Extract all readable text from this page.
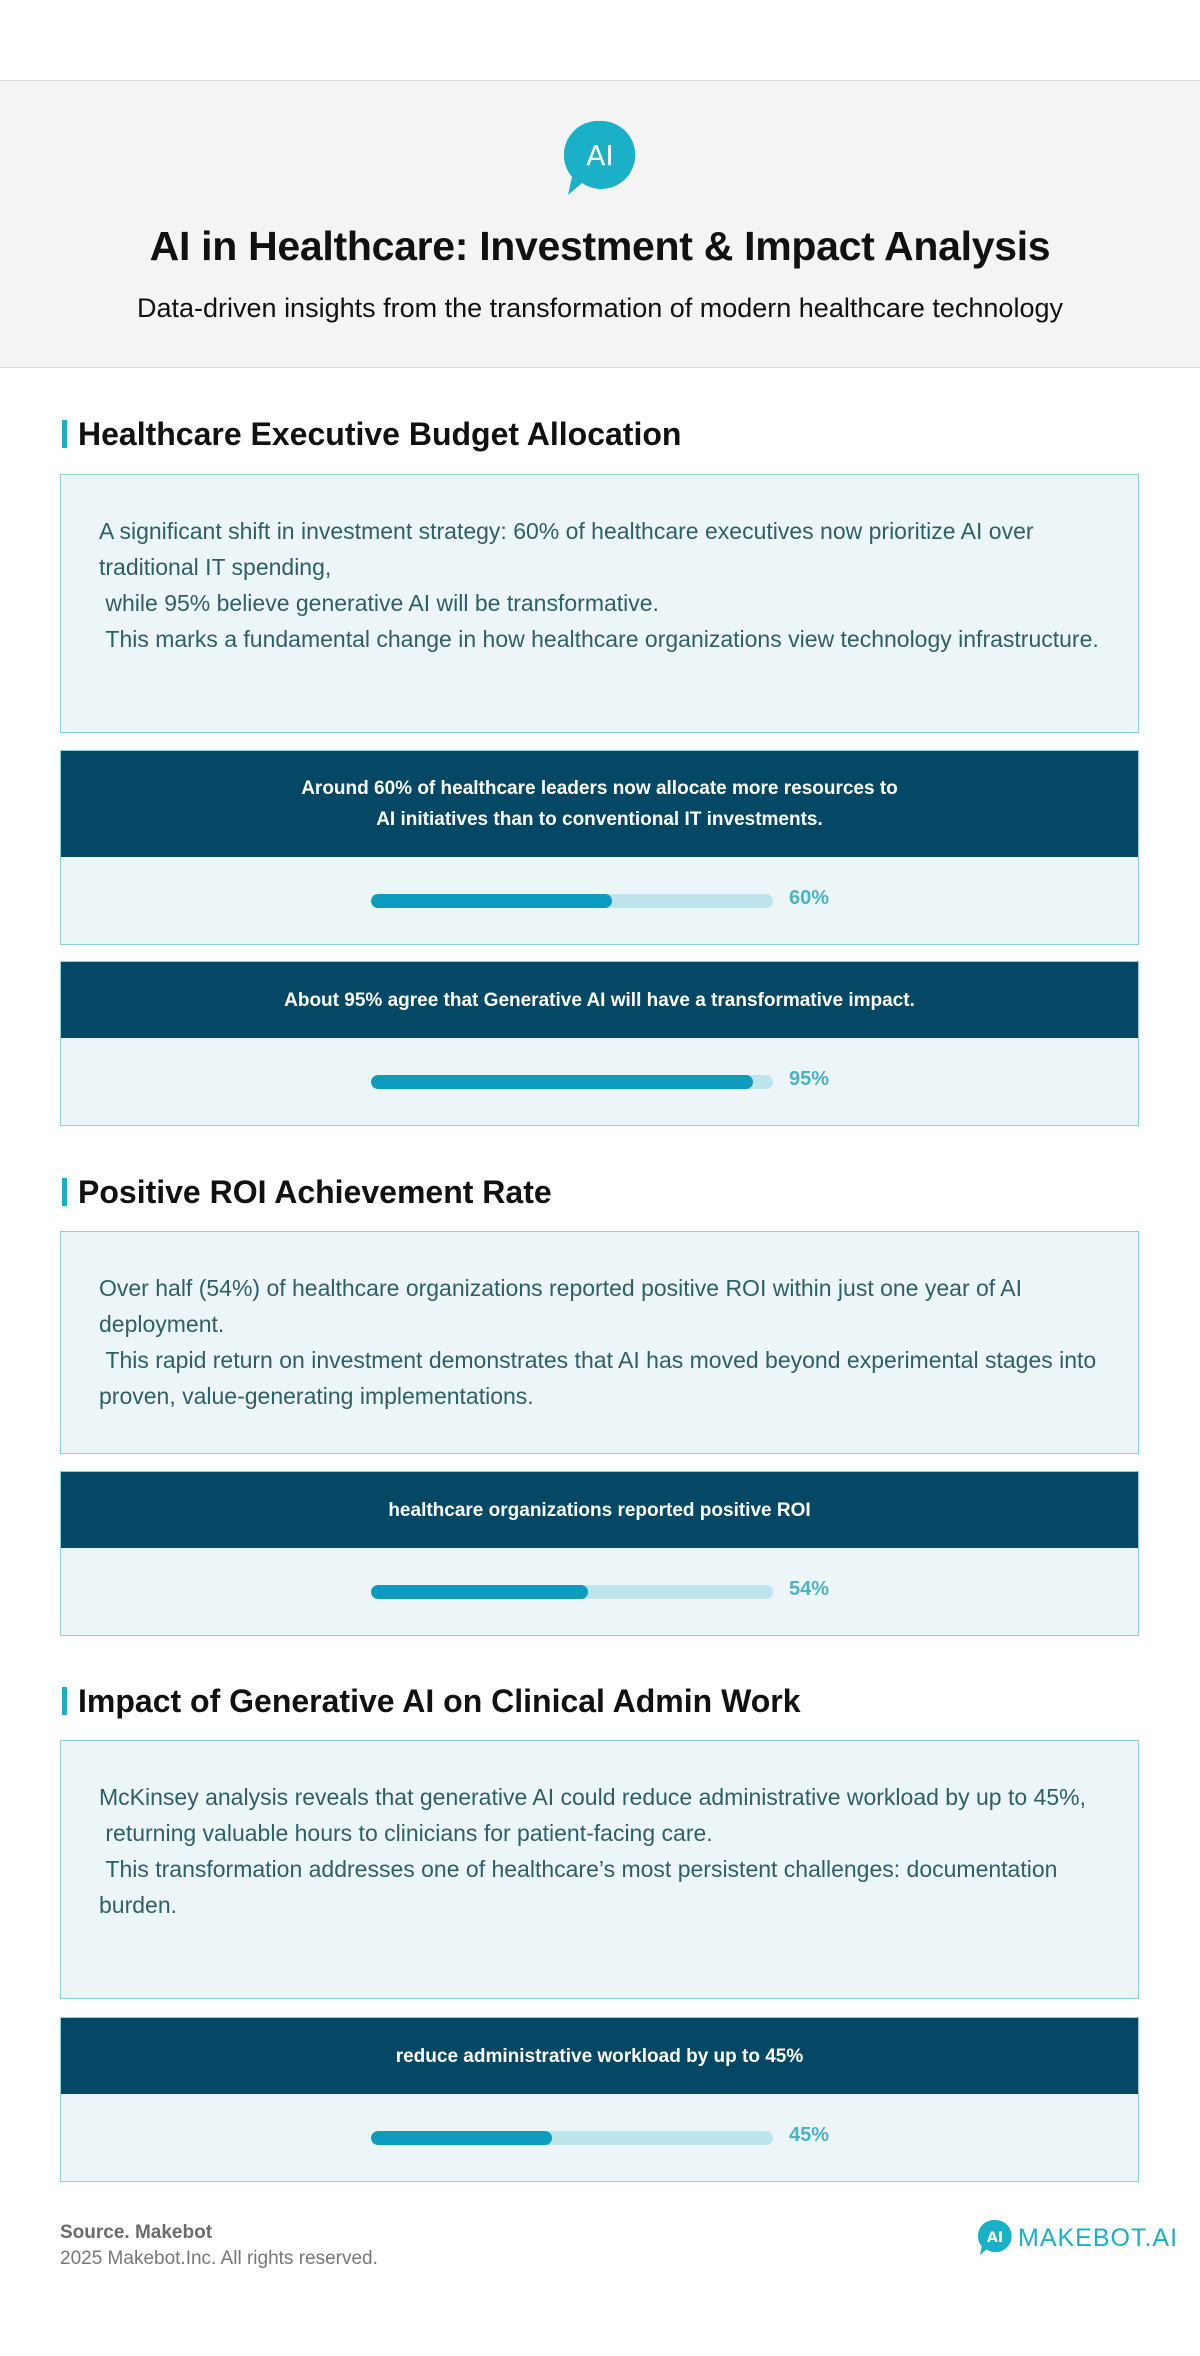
AI
AI in Healthcare: Investment & Impact Analysis
Data-driven insights from the transformation of modern healthcare technology
Healthcare Executive Budget Allocation
A significant shift in investment strategy: 60% of healthcare executives now prioritize AI over traditional IT spending,
while 95% believe generative AI will be transformative.
This marks a fundamental change in how healthcare organizations view technology infrastructure.
Around 60% of healthcare leaders now allocate more resources to
AI initiatives than to conventional IT investments.
60%
About 95% agree that Generative AI will have a transformative impact.
95%
Positive ROI Achievement Rate
Over half (54%) of healthcare organizations reported positive ROI within just one year of AI deployment.
This rapid return on investment demonstrates that AI has moved beyond experimental stages into proven, value-generating implementations.
healthcare organizations reported positive ROI
54%
Impact of Generative AI on Clinical Admin Work
McKinsey analysis reveals that generative AI could reduce administrative workload by up to 45%,
returning valuable hours to clinicians for patient-facing care.
This transformation addresses one of healthcare’s most persistent challenges: documentation burden.
reduce administrative workload by up to 45%
45%
Source. Makebot
2025 Makebot.Inc. All rights reserved.
AI MAKEBOT.AI
